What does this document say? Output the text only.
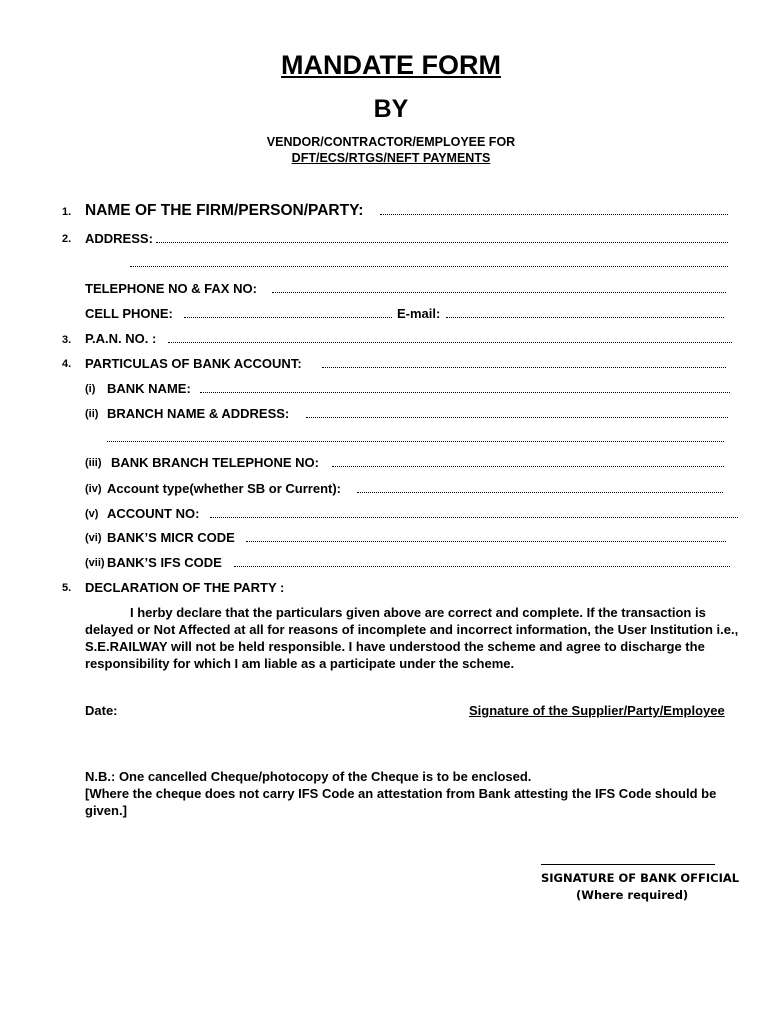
MANDATE FORM
BY
VENDOR/CONTRACTOR/EMPLOYEE FOR
DFT/ECS/RTGS/NEFT PAYMENTS
1. NAME OF THE FIRM/PERSON/PARTY:
2. ADDRESS:
TELEPHONE NO & FAX NO:
CELL PHONE:	E-mail:
3. P.A.N. NO. :
4. PARTICULAS OF BANK ACCOUNT:
(i) BANK NAME:
(ii) BRANCH NAME & ADDRESS:
(iii) BANK BRANCH TELEPHONE NO:
(iv) Account type(whether SB or Current):
(v) ACCOUNT NO:
(vi) BANK’S MICR CODE
(vii) BANK’S IFS CODE
5. DECLARATION OF THE PARTY :
I herby declare that the particulars given above are correct and complete. If the transaction is delayed or Not Affected at all for reasons of incomplete and incorrect information, the User Institution i.e., S.E.RAILWAY will not be held responsible. I have understood the scheme and agree to discharge the responsibility for which I am liable as a participate under the scheme.
Date:	Signature of the Supplier/Party/Employee
N.B.: One cancelled Cheque/photocopy of the Cheque is to be enclosed.
[Where the cheque does not carry IFS Code an attestation from Bank attesting the IFS Code should be given.]
SIGNATURE OF BANK OFFICIAL
(Where required)
